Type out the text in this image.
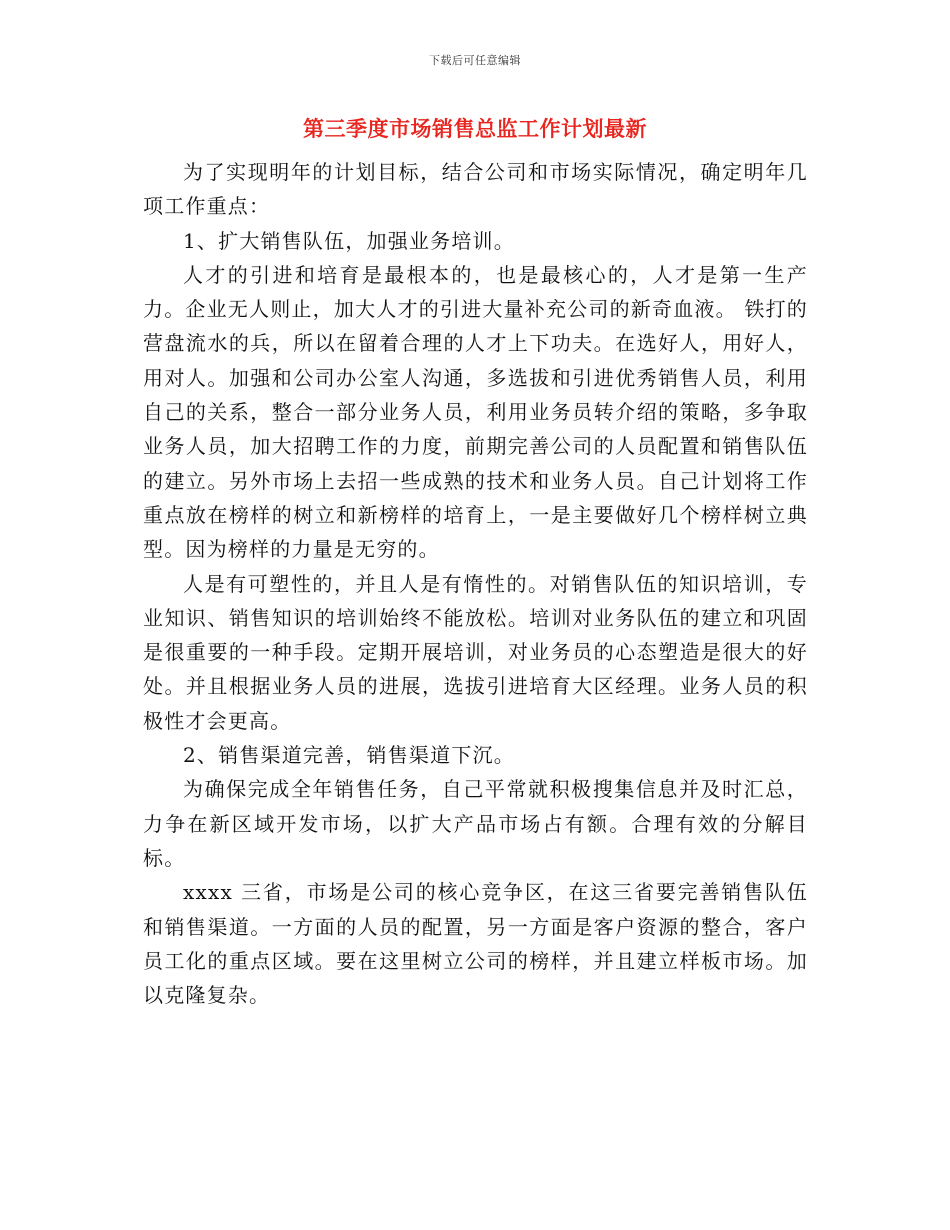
下载后可任意编辑
第三季度市场销售总监工作计划最新

为了实现明年的计划目标，结合公司和市场实际情况，确定明年几项工作重点：

1、扩大销售队伍，加强业务培训。

人才的引进和培育是最根本的，也是最核心的，人才是第一生产力。企业无人则止，加大人才的引进大量补充公司的新奇血液。 铁打的营盘流水的兵，所以在留着合理的人才上下功夫。在选好人，用好人，用对人。加强和公司办公室人沟通，多选拔和引进优秀销售人员，利用自己的关系，整合一部分业务人员，利用业务员转介绍的策略，多争取业务人员，加大招聘工作的力度，前期完善公司的人员配置和销售队伍的建立。另外市场上去招一些成熟的技术和业务人员。自己计划将工作重点放在榜样的树立和新榜样的培育上，一是主要做好几个榜样树立典型。因为榜样的力量是无穷的。

人是有可塑性的，并且人是有惰性的。对销售队伍的知识培训，专业知识、销售知识的培训始终不能放松。培训对业务队伍的建立和巩固是很重要的一种手段。定期开展培训，对业务员的心态塑造是很大的好处。并且根据业务人员的进展，选拔引进培育大区经理。业务人员的积极性才会更高。

2、销售渠道完善，销售渠道下沉。

为确保完成全年销售任务，自己平常就积极搜集信息并及时汇总，力争在新区域开发市场，以扩大产品市场占有额。合理有效的分解目标。

xxxx 三省，市场是公司的核心竞争区，在这三省要完善销售队伍和销售渠道。一方面的人员的配置，另一方面是客户资源的整合，客户员工化的重点区域。要在这里树立公司的榜样，并且建立样板市场。加以克隆复杂。
